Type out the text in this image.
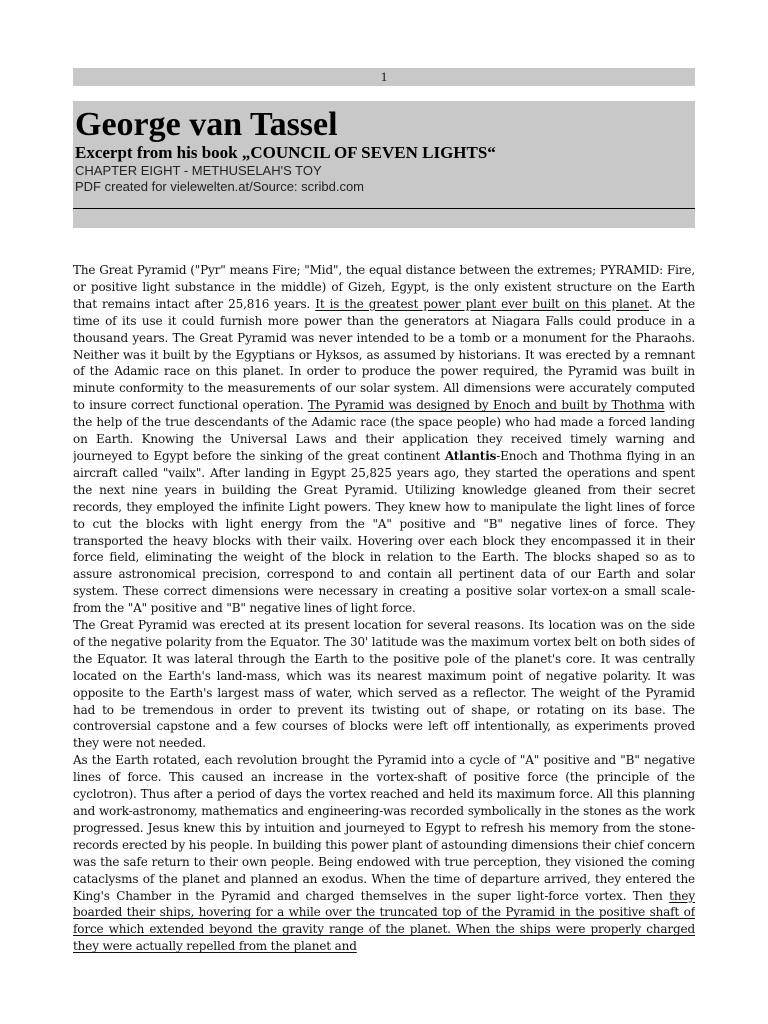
1
George van Tassel
Excerpt from his book „COUNCIL OF SEVEN LIGHTS“
CHAPTER EIGHT - METHUSELAH'S TOY
PDF created for vielewelten.at/Source: scribd.com

The Great Pyramid ("Pyr" means Fire; "Mid", the equal distance between the extremes; PYRAMID: Fire, or positive light substance in the middle) of Gizeh, Egypt, is the only existent structure on the Earth that remains intact after 25,816 years. It is the greatest power plant ever built on this planet. At the time of its use it could furnish more power than the generators at Niagara Falls could produce in a thousand years. The Great Pyramid was never intended to be a tomb or a monument for the Pharaohs. Neither was it built by the Egyptians or Hyksos, as assumed by historians. It was erected by a remnant of the Adamic race on this planet. In order to produce the power required, the Pyramid was built in minute conformity to the measurements of our solar system. All dimensions were accurately computed to insure correct functional operation. The Pyramid was designed by Enoch and built by Thothma with the help of the true descendants of the Adamic race (the space people) who had made a forced landing on Earth. Knowing the Universal Laws and their application they received timely warning and journeyed to Egypt before the sinking of the great continent Atlantis-Enoch and Thothma flying in an aircraft called "vailx". After landing in Egypt 25,825 years ago, they started the operations and spent the next nine years in building the Great Pyramid. Utilizing knowledge gleaned from their secret records, they employed the infinite Light powers. They knew how to manipulate the light lines of force to cut the blocks with light energy from the "A" positive and "B" negative lines of force. They transported the heavy blocks with their vailx. Hovering over each block they encompassed it in their force field, eliminating the weight of the block in relation to the Earth. The blocks shaped so as to assure astronomical precision, correspond to and contain all pertinent data of our Earth and solar system. These correct dimensions were necessary in creating a positive solar vortex-on a small scale-from the "A" positive and "B" negative lines of light force.

The Great Pyramid was erected at its present location for several reasons. Its location was on the side of the negative polarity from the Equator. The 30' latitude was the maximum vortex belt on both sides of the Equator. It was lateral through the Earth to the positive pole of the planet's core. It was centrally located on the Earth's land-mass, which was its nearest maximum point of negative polarity. It was opposite to the Earth's largest mass of water, which served as a reflector. The weight of the Pyramid had to be tremendous in order to prevent its twisting out of shape, or rotating on its base. The controversial capstone and a few courses of blocks were left off intentionally, as experiments proved they were not needed.

As the Earth rotated, each revolution brought the Pyramid into a cycle of "A" positive and "B" negative lines of force. This caused an increase in the vortex-shaft of positive force (the principle of the cyclotron). Thus after a period of days the vortex reached and held its maximum force. All this planning and work-astronomy, mathematics and engineering-was recorded symbolically in the stones as the work progressed. Jesus knew this by intuition and journeyed to Egypt to refresh his memory from the stone-records erected by his people. In building this power plant of astounding dimensions their chief concern was the safe return to their own people. Being endowed with true perception, they visioned the coming cataclysms of the planet and planned an exodus. When the time of departure arrived, they entered the King's Chamber in the Pyramid and charged themselves in the super light-force vortex. Then they boarded their ships, hovering for a while over the truncated top of the Pyramid in the positive shaft of force which extended beyond the gravity range of the planet. When the ships were properly charged they were actually repelled from the planet and
